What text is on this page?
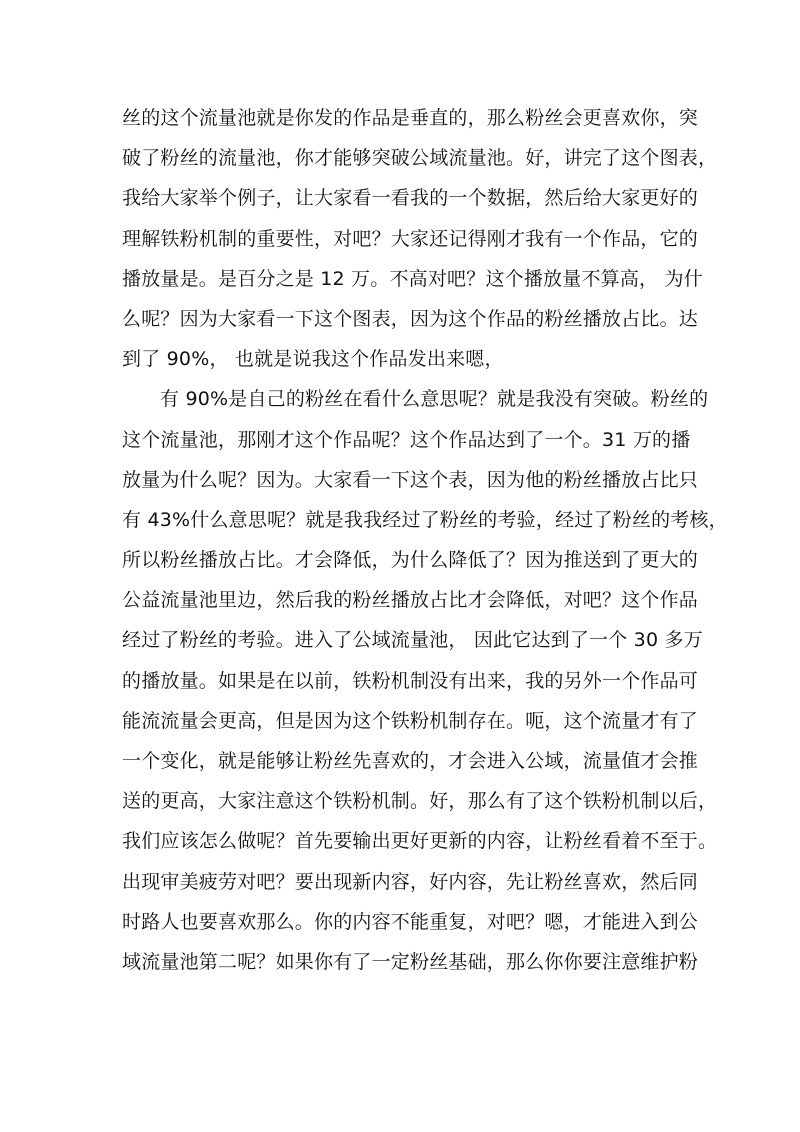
丝的这个流量池就是你发的作品是垂直的，那么粉丝会更喜欢你，突
破了粉丝的流量池，你才能够突破公域流量池。好，讲完了这个图表，
我给大家举个例子，让大家看一看我的一个数据，然后给大家更好的
理解铁粉机制的重要性，对吧？大家还记得刚才我有一个作品，它的
播放量是。是百分之是 12 万。不高对吧？这个播放量不算高， 为什
么呢？因为大家看一下这个图表，因为这个作品的粉丝播放占比。达
到了 90%， 也就是说我这个作品发出来嗯，
有 90%是自己的粉丝在看什么意思呢？就是我没有突破。粉丝的
这个流量池，那刚才这个作品呢？这个作品达到了一个。31 万的播
放量为什么呢？因为。大家看一下这个表，因为他的粉丝播放占比只
有 43%什么意思呢？就是我我经过了粉丝的考验，经过了粉丝的考核，
所以粉丝播放占比。才会降低，为什么降低了？因为推送到了更大的
公益流量池里边，然后我的粉丝播放占比才会降低，对吧？这个作品
经过了粉丝的考验。进入了公域流量池， 因此它达到了一个 30 多万
的播放量。如果是在以前，铁粉机制没有出来，我的另外一个作品可
能流流量会更高，但是因为这个铁粉机制存在。呃，这个流量才有了
一个变化，就是能够让粉丝先喜欢的，才会进入公域，流量值才会推
送的更高，大家注意这个铁粉机制。好，那么有了这个铁粉机制以后，
我们应该怎么做呢？首先要输出更好更新的内容，让粉丝看着不至于。
出现审美疲劳对吧？要出现新内容，好内容，先让粉丝喜欢，然后同
时路人也要喜欢那么。你的内容不能重复，对吧？嗯，才能进入到公
域流量池第二呢？如果你有了一定粉丝基础，那么你你要注意维护粉
